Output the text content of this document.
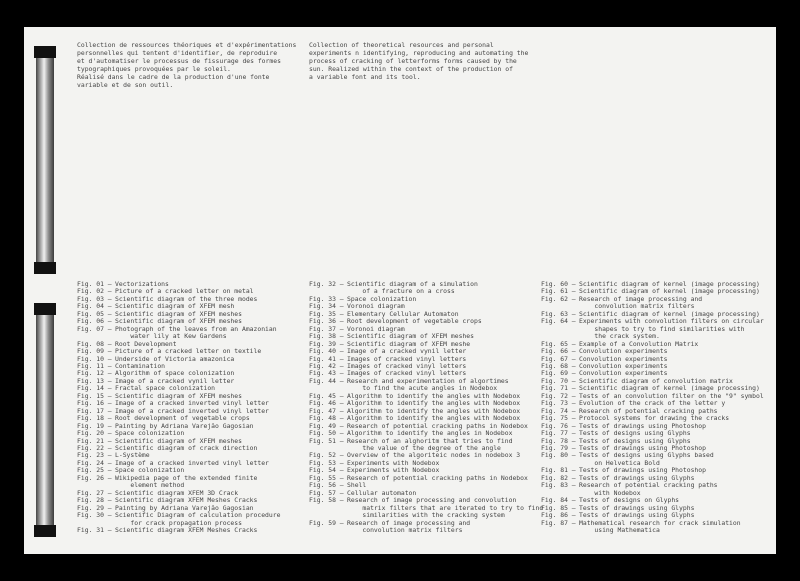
Collection de ressources théoriques et d'expérimentations
personnelles qui tentent d'identifier, de reproduire
et d'automatiser le processus de fissurage des formes
typographiques provoquées par le soleil.
Réalisé dans le cadre de la production d'une fonte
variable et de son outil.
Collection of theoretical resources and personal
experiments n identifying, reproducing and automating the
process of cracking of letterforms forms caused by the
sun. Realized within the context of the production of
a variable font and its tool.
Fig. 01 – Vectorizations
Fig. 02 – Picture of a cracked letter on metal
Fig. 03 – Scientific diagram of the three modes
Fig. 04 – Scientific diagram of XFEM mesh
Fig. 05 – Scientific diagram of XFEM meshes
Fig. 06 – Scientific diagram of XFEM meshes
Fig. 07 – Photograph of the leaves from an Amazonian
water lily at Kew Gardens
Fig. 08 – Root Development
Fig. 09 – Picture of a cracked letter on textile
Fig. 10 – Underside of Victoria amazonica
Fig. 11 – Contamination
Fig. 12 – Algorithm of space colonization
Fig. 13 – Image of a cracked vynil letter
Fig. 14 – Fractal space colonization
Fig. 15 – Scientific diagram of XFEM meshes
Fig. 16 – Image of a cracked inverted vinyl letter
Fig. 17 – Image of a cracked inverted vinyl letter
Fig. 18 – Root development of vegetable crops
Fig. 19 – Painting by Adriana Varejão Gagosian
Fig. 20 – Space colonization
Fig. 21 – Scientific diagram of XFEM meshes
Fig. 22 – Scientific diagram of crack direction
Fig. 23 – L-Système
Fig. 24 – Image of a cracked inverted vinyl letter
Fig. 25 – Space colonization
Fig. 26 – Wikipedia page of the extended finite
element method
Fig. 27 – Scientific diagram XFEM 3D Crack
Fig. 28 – Scientific diagram XFEM Meshes Cracks
Fig. 29 – Painting by Adriana Varejão Gagosian
Fig. 30 – Scientific Diagram of calculation procedure
for crack propagation process
Fig. 31 – Scientific diagram XFEM Meshes Cracks
Fig. 32 – Scientific diagram of a simulation
of a fracture on a cross
Fig. 33 – Space colonization
Fig. 34 – Voronoi diagram
Fig. 35 – Elementary Cellular Automaton
Fig. 36 – Root development of vegetable crops
Fig. 37 – Voronoi diagram
Fig. 38 – Scientific diagram of XFEM meshes
Fig. 39 – Scientific diagram of XFEM meshe
Fig. 40 – Image of a cracked vynil letter
Fig. 41 – Images of cracked vinyl letters
Fig. 42 – Images of cracked vinyl letters
Fig. 43 – Images of cracked vinyl letters
Fig. 44 – Research and experimentation of algortimes
to find the acute angles in Nodebox
Fig. 45 – Algorithm to identify the angles with Nodebox
Fig. 46 – Algorithm to identify the angles with Nodebox
Fig. 47 – Algorithm to identify the angles with Nodebox
Fig. 48 – Algorithm to identify the angles with Nodebox
Fig. 49 – Research of potential cracking paths in Nodebox
Fig. 50 – Algorithm to identify the angles in Nodebox
Fig. 51 – Research of an alghoritm that tries to find
the value of the degree of the angle
Fig. 52 – Overview of the algoriteic nodes in nodebox 3
Fig. 53 – Experiments with Nodebox
Fig. 54 – Experiments with Nodebox
Fig. 55 – Research of potential cracking paths in Nodebox
Fig. 56 – Shell
Fig. 57 – Cellular automaton
Fig. 58 – Research of image processing and convolution
matrix filters that are iterated to try to find
similarities with the cracking system
Fig. 59 – Research of image processing and
convolution matrix filters
Fig. 60 – Scientific diagram of kernel (image processing)
Fig. 61 – Scientific diagram of kernel (image processing)
Fig. 62 – Research of image processing and
convolution matrix filters
Fig. 63 – Scientific diagram of kernel (image processing)
Fig. 64 – Experiments with convolution filters on circular
shapes to try to find similarities with
the crack system.
Fig. 65 – Example of a Convolution Matrix
Fig. 66 – Convolution experiments
Fig. 67 – Convolution experiments
Fig. 68 – Convolution experiments
Fig. 69 – Convolution experiments
Fig. 70 – Scientific diagram of convolution matrix
Fig. 71 – Scientific diagram of kernel (image processing)
Fig. 72 – Tests of an convolution filter on the "9" symbol
Fig. 73 – Evolution of the crack of the letter y
Fig. 74 – Research of potential cracking paths
Fig. 75 – Protocol systems for drawing the cracks
Fig. 76 – Tests of drawings using Photoshop
Fig. 77 – Tests of designs using Glyphs
Fig. 78 – Tests of designs using Glyphs
Fig. 79 – Tests of drawings using Photoshop
Fig. 80 – Tests of designs using Glyphs based
on Helvetica Bold
Fig. 81 – Tests of drawings using Photoshop
Fig. 82 – Tests of drawings using Glyphs
Fig. 83 – Research of potential cracking paths
with Nodebox
Fig. 84 – Tests of designs on Glyphs
Fig. 85 – Tests of drawings using Glyphs
Fig. 86 – Tests of drawings using Glyphs
Fig. 87 – Mathematical research for crack simulation
using Mathematica
